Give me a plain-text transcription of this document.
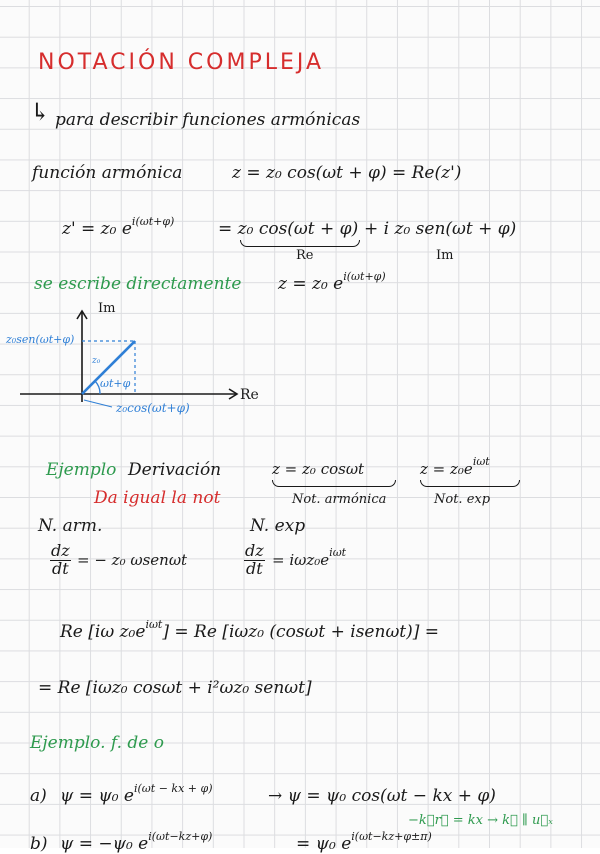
NOTACIÓN COMPLEJA
↳ para describir funciones armónicas
función armónica	z = z₀ cos(ωt + φ) = Re(z')
z' = z₀ $e^{i(\omega t+\varphi)}$	= z₀ cos(ωt + φ)
Re
+ i z₀ sen(ωt + φ)
Im
se escribe directamente z = z₀ $e^{i(\omega t+\varphi)}$
Im
Re
z₀sen(ωt+φ)
z₀cos(ωt+φ)
z₀
ωt+φ
Ejemplo Derivación
Da igual la not
z = z₀ cosωt
Not. armónica
$z = z_0e^{i\omega t}$
Not. exp
N. arm.	N. exp
$\frac{dz}{dt}$ = − z₀ ωsenωt	$\frac{dz}{dt} = i\omega z_0e^{i\omega t}$
Re [iω $z_0e^{i\omega t}] = Re$ [iωz₀ (cosωt + isenωt)] =
= Re [iωz₀ cosωt + i²ωz₀ senωt]
Ejemplo. f. de o
a) ψ = ψ₀ $e^{i(\omega t - kx + \varphi)}$	→ ψ = ψ₀ cos(ωt − kx + φ)
−k⃗r⃗ = kx → k⃗ ∥ u⃗ₓ
b) ψ = −ψ₀ $e^{i(\omega t-kz+\varphi)}$	= ψ₀ $e^{i(\omega t-kz+\varphi\pm\pi)}$
